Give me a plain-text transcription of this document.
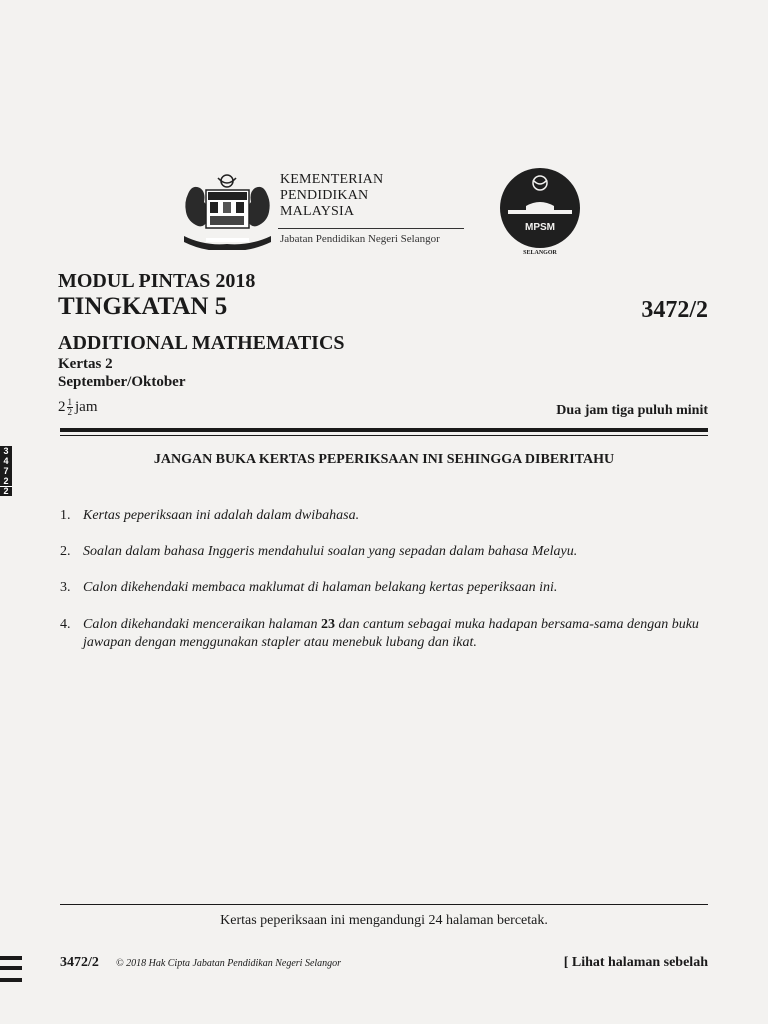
KEMENTERIAN
PENDIDIKAN
MALAYSIA
Jabatan Pendidikan Negeri Selangor
MPSM
SELANGOR
MODUL PINTAS 2018
TINGKATAN 5	3472/2
ADDITIONAL MATHEMATICS
Kertas 2
September/Oktober
$2 \frac{1}{2}$ jam	Dua jam tiga puluh minit
JANGAN BUKA KERTAS PEPERIKSAAN INI SEHINGGA DIBERITAHU
3
4
7
2
2
1. Kertas peperiksaan ini adalah dalam dwibahasa.
2. Soalan dalam bahasa Inggeris mendahului soalan yang sepadan dalam bahasa Melayu.
3. Calon dikehendaki membaca maklumat di halaman belakang kertas peperiksaan ini.
4. Calon dikehandaki menceraikan halaman 23 dan cantum sebagai muka hadapan bersama-sama dengan buku jawapan dengan menggunakan stapler atau menebuk lubang dan ikat.
Kertas peperiksaan ini mengandungi 24 halaman bercetak.
3472/2 © 2018 Hak Cipta Jabatan Pendidikan Negeri Selangor	[ Lihat halaman sebelah
